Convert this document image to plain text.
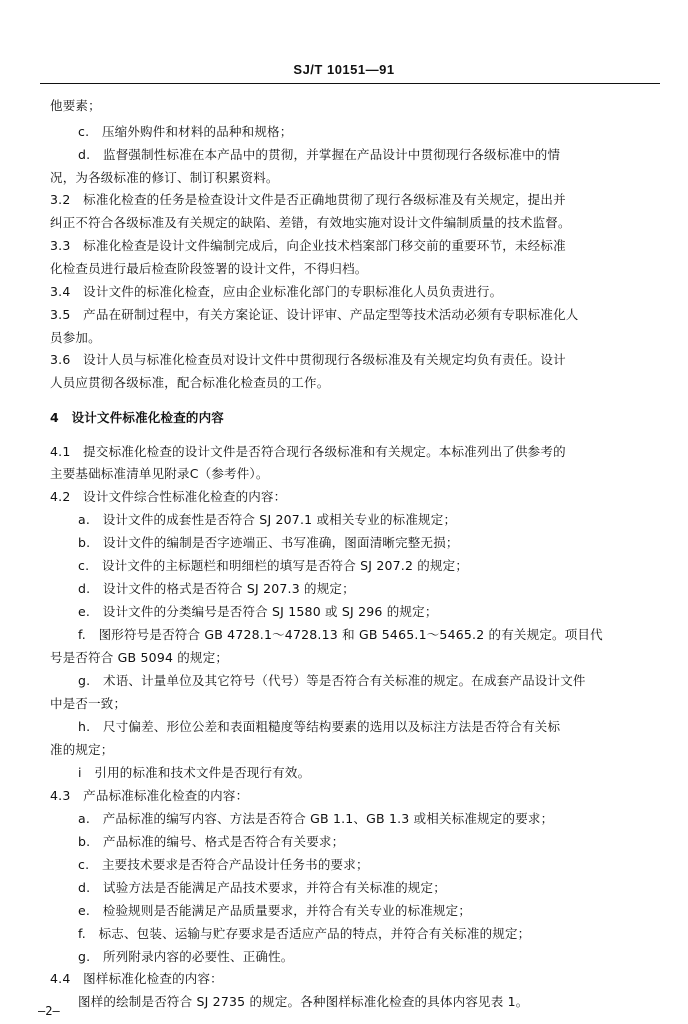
SJ/T 10151—91
他要素；
c.　压缩外购件和材料的品种和规格；
d.　监督强制性标准在本产品中的贯彻，并掌握在产品设计中贯彻现行各级标准中的情
况，为各级标准的修订、制订积累资料。
3.2　标准化检查的任务是检查设计文件是否正确地贯彻了现行各级标准及有关规定，提出并
纠正不符合各级标准及有关规定的缺陷、差错，有效地实施对设计文件编制质量的技术监督。
3.3　标准化检查是设计文件编制完成后，向企业技术档案部门移交前的重要环节，未经标准
化检查员进行最后检查阶段签署的设计文件，不得归档。
3.4　设计文件的标准化检查，应由企业标准化部门的专职标准化人员负责进行。
3.5　产品在研制过程中，有关方案论证、设计评审、产品定型等技术活动必须有专职标准化人
员参加。
3.6　设计人员与标准化检查员对设计文件中贯彻现行各级标准及有关规定均负有责任。设计
人员应贯彻各级标准，配合标准化检查员的工作。
4　设计文件标准化检查的内容
4.1　提交标准化检查的设计文件是否符合现行各级标准和有关规定。本标准列出了供参考的
主要基础标准清单见附录C（参考件）。
4.2　设计文件综合性标准化检查的内容：
a.　设计文件的成套性是否符合 SJ 207.1 或相关专业的标准规定；
b.　设计文件的编制是否字迹端正、书写准确，图面清晰完整无损；
c.　设计文件的主标题栏和明细栏的填写是否符合 SJ 207.2 的规定；
d.　设计文件的格式是否符合 SJ 207.3 的规定；
e.　设计文件的分类编号是否符合 SJ 1580 或 SJ 296 的规定；
f.　图形符号是否符合 GB 4728.1～4728.13 和 GB 5465.1～5465.2 的有关规定。项目代
号是否符合 GB 5094 的规定；
g.　术语、计量单位及其它符号（代号）等是否符合有关标准的规定。在成套产品设计文件
中是否一致；
h.　尺寸偏差、形位公差和表面粗糙度等结构要素的选用以及标注方法是否符合有关标
准的规定；
i　引用的标准和技术文件是否现行有效。
4.3　产品标准标准化检查的内容：
a.　产品标准的编写内容、方法是否符合 GB 1.1、GB 1.3 或相关标准规定的要求；
b.　产品标准的编号、格式是否符合有关要求；
c.　主要技术要求是否符合产品设计任务书的要求；
d.　试验方法是否能满足产品技术要求，并符合有关标准的规定；
e.　检验规则是否能满足产品质量要求，并符合有关专业的标准规定；
f.　标志、包装、运输与贮存要求是否适应产品的特点，并符合有关标准的规定；
g.　所列附录内容的必要性、正确性。
4.4　图样标准化检查的内容：
图样的绘制是否符合 SJ 2735 的规定。各种图样标准化检查的具体内容见表 1。
—2—
